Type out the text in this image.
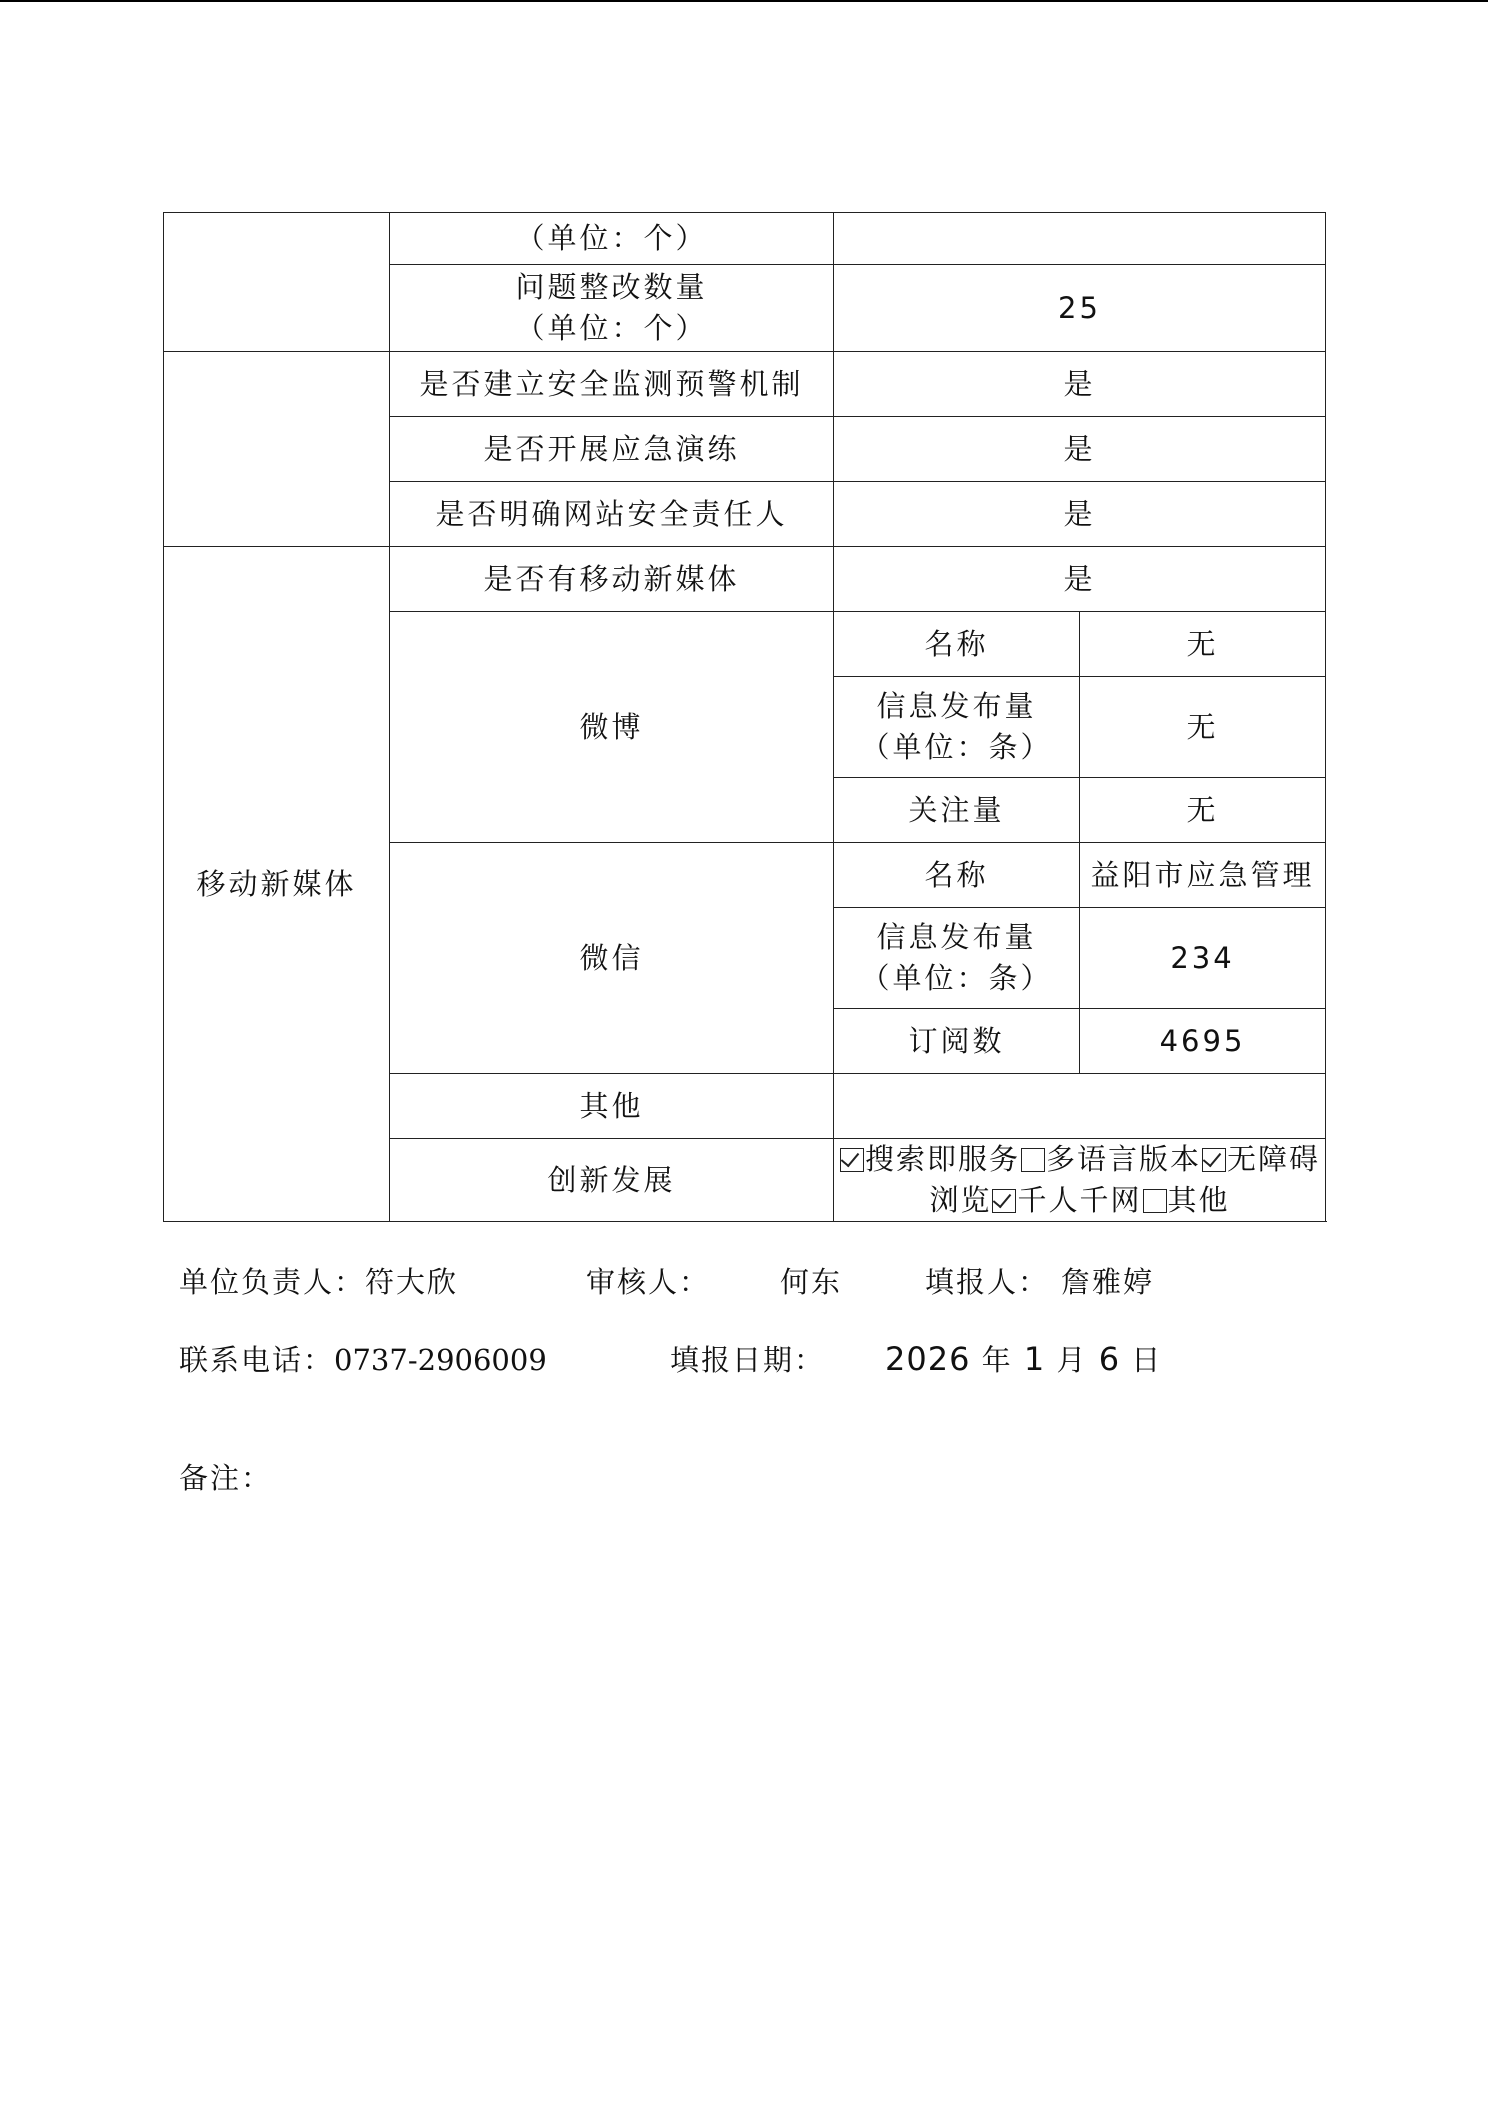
	（单位：个）		

	问题整改数量
（单位：个）	25	
	是否建立安全监测预警机制	是	
	是否开展应急演练	是	
	是否明确网站安全责任人	是	
移动新媒体	是否有移动新媒体	是	
	微博	名称	无

		信息发布量
（单位：条）	无
		关注量	无
	微信	名称	益阳市应急管理

		信息发布量
（单位：条）	234
		订阅数	4695
	其他		
	创新发展	搜索即服务 多语言版本 无障碍浏览 千人千网 其他	
单位负责人：符大欣	审核人： 何东	填报人： 詹雅婷
联系电话：0737-2906009	填报日期： 2026 年 1 月 6 日
备注：
